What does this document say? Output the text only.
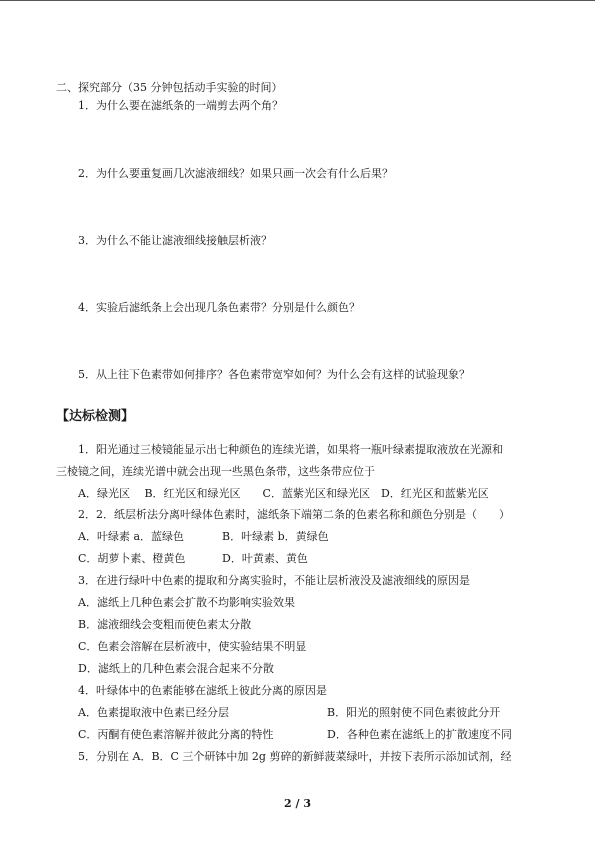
二、探究部分（35 分钟包括动手实验的时间）
1．为什么要在滤纸条的一端剪去两个角？
2．为什么要重复画几次滤液细线？如果只画一次会有什么后果？
3．为什么不能让滤液细线接触层析液？
4．实验后滤纸条上会出现几条色素带？分别是什么颜色？
5．从上往下色素带如何排序？各色素带宽窄如何？为什么会有这样的试验现象？
【达标检测】
1．阳光通过三棱镜能显示出七种颜色的连续光谱，如果将一瓶叶绿素提取液放在光源和
三棱镜之间，连续光谱中就会出现一些黑色条带，这些条带应位于
A．绿光区　 B．红光区和绿光区　　C．蓝紫光区和绿光区　D．红光区和蓝紫光区
2．2．纸层析法分离叶绿体色素时，滤纸条下端第二条的色素名称和颜色分别是（　　）
A．叶绿素 a．蓝绿色	B．叶绿素 b．黄绿色
C．胡萝卜素、橙黄色	D．叶黄素、黄色
3．在进行绿叶中色素的提取和分离实验时，不能让层析液没及滤液细线的原因是
A．滤纸上几种色素会扩散不均影响实验效果
B．滤液细线会变粗而使色素太分散
C．色素会溶解在层析液中，使实验结果不明显
D．滤纸上的几种色素会混合起来不分散
4．叶绿体中的色素能够在滤纸上彼此分离的原因是
A．色素提取液中色素已经分层	B．阳光的照射使不同色素彼此分开
C．丙酮有使色素溶解并彼此分离的特性	D．各种色素在滤纸上的扩散速度不同
5．分别在 A．B．C 三个研钵中加 2g 剪碎的新鲜菠菜绿叶，并按下表所示添加试剂，经
2 / 3
